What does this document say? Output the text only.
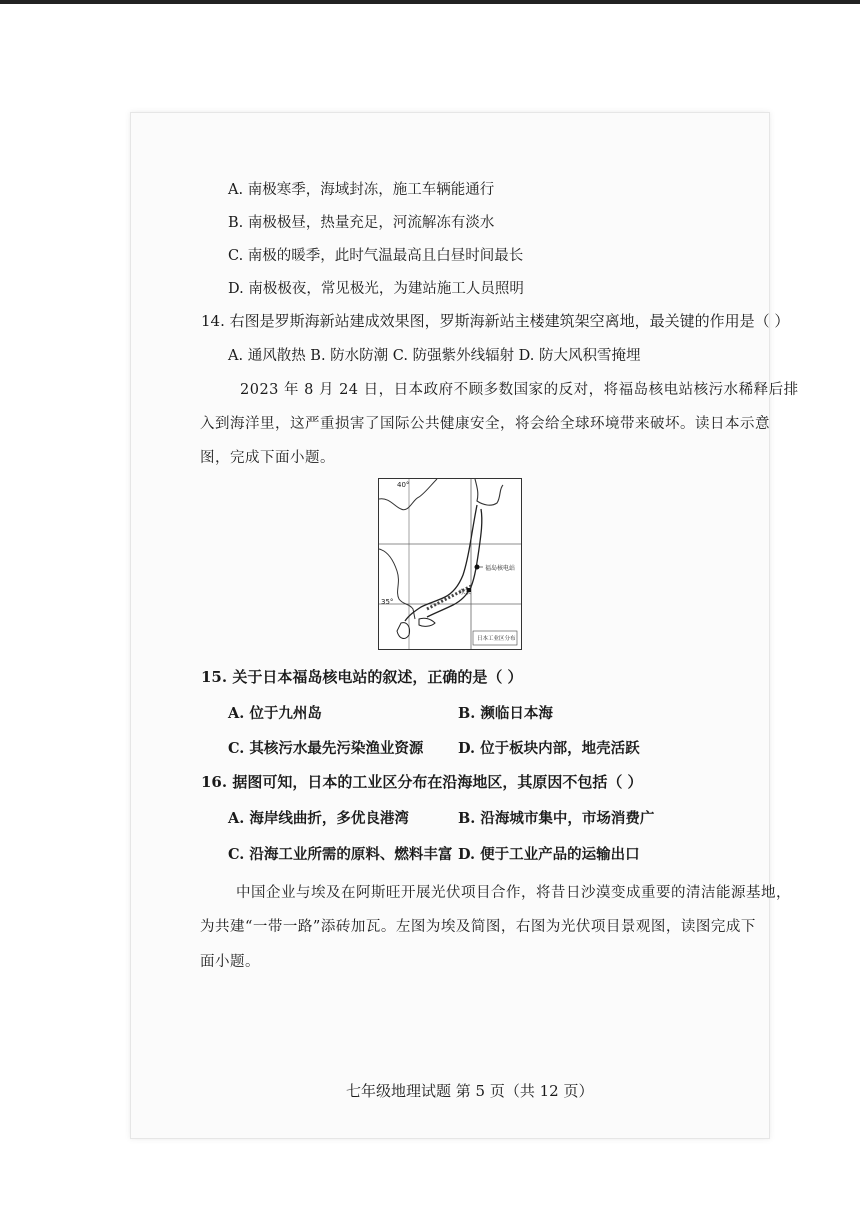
A. 南极寒季，海域封冻，施工车辆能通行
B. 南极极昼，热量充足，河流解冻有淡水
C. 南极的暖季，此时气温最高且白昼时间最长
D. 南极极夜，常见极光，为建站施工人员照明
14. 右图是罗斯海新站建成效果图，罗斯海新站主楼建筑架空离地，最关键的作用是（ ）
A. 通风散热 B. 防水防潮 C. 防强紫外线辐射 D. 防大风积雪掩埋
2023 年 8 月 24 日，日本政府不顾多数国家的反对，将福岛核电站核污水稀释后排
入到海洋里，这严重损害了国际公共健康安全，将会给全球环境带来破坏。读日本示意
图，完成下面小题。
40°
35°
福岛核电站
东京
日本工业区分布
15. 关于日本福岛核电站的叙述，正确的是（ ）
A. 位于九州岛	B. 濒临日本海
C. 其核污水最先污染渔业资源 D. 位于板块内部，地壳活跃
16. 据图可知，日本的工业区分布在沿海地区，其原因不包括（ ）
A. 海岸线曲折，多优良港湾	B. 沿海城市集中，市场消费广
C. 沿海工业所需的原料、燃料丰富 D. 便于工业产品的运输出口
中国企业与埃及在阿斯旺开展光伏项目合作，将昔日沙漠变成重要的清洁能源基地，
为共建“一带一路”添砖加瓦。左图为埃及简图，右图为光伏项目景观图，读图完成下
面小题。
七年级地理试题 第 5 页（共 12 页）
